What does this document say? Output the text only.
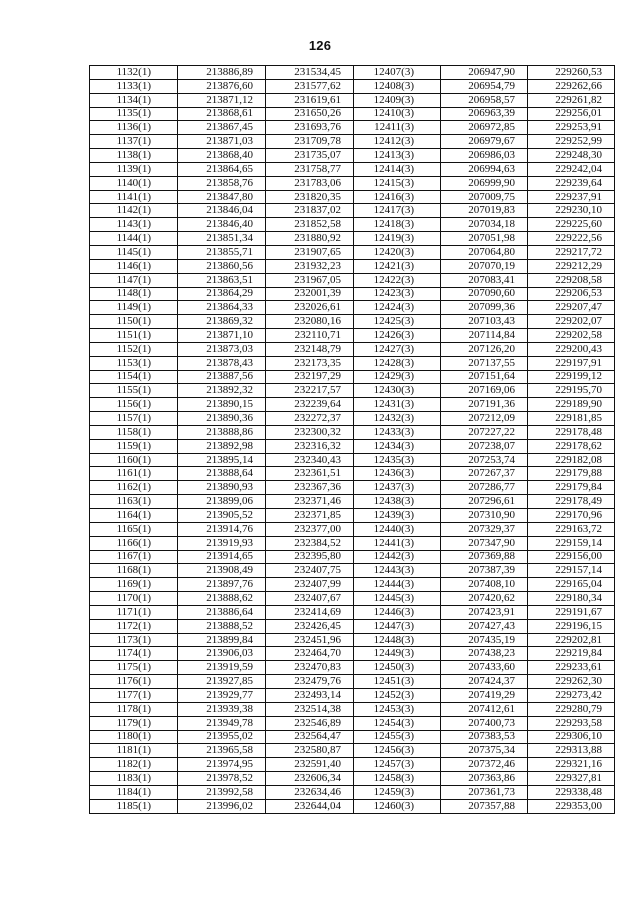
126
1132(1)	213886,89	231534,45	12407(3)	206947,90	229260,53
1133(1)	213876,60	231577,62	12408(3)	206954,79	229262,66
1134(1)	213871,12	231619,61	12409(3)	206958,57	229261,82
1135(1)	213868,61	231650,26	12410(3)	206963,39	229256,01
1136(1)	213867,45	231693,76	12411(3)	206972,85	229253,91
1137(1)	213871,03	231709,78	12412(3)	206979,67	229252,99
1138(1)	213868,40	231735,07	12413(3)	206986,03	229248,30
1139(1)	213864,65	231758,77	12414(3)	206994,63	229242,04
1140(1)	213858,76	231783,06	12415(3)	206999,90	229239,64
1141(1)	213847,80	231820,35	12416(3)	207009,75	229237,91
1142(1)	213846,04	231837,02	12417(3)	207019,83	229230,10
1143(1)	213846,40	231852,58	12418(3)	207034,18	229225,60
1144(1)	213851,34	231880,92	12419(3)	207051,98	229222,56
1145(1)	213855,71	231907,65	12420(3)	207064,80	229217,72
1146(1)	213860,56	231932,23	12421(3)	207070,19	229212,29
1147(1)	213863,51	231967,05	12422(3)	207083,41	229208,58
1148(1)	213864,29	232001,39	12423(3)	207090,60	229206,53
1149(1)	213864,33	232026,61	12424(3)	207099,36	229207,47
1150(1)	213869,32	232080,16	12425(3)	207103,43	229202,07
1151(1)	213871,10	232110,71	12426(3)	207114,84	229202,58
1152(1)	213873,03	232148,79	12427(3)	207126,20	229200,43
1153(1)	213878,43	232173,35	12428(3)	207137,55	229197,91
1154(1)	213887,56	232197,29	12429(3)	207151,64	229199,12
1155(1)	213892,32	232217,57	12430(3)	207169,06	229195,70
1156(1)	213890,15	232239,64	12431(3)	207191,36	229189,90
1157(1)	213890,36	232272,37	12432(3)	207212,09	229181,85
1158(1)	213888,86	232300,32	12433(3)	207227,22	229178,48
1159(1)	213892,98	232316,32	12434(3)	207238,07	229178,62
1160(1)	213895,14	232340,43	12435(3)	207253,74	229182,08
1161(1)	213888,64	232361,51	12436(3)	207267,37	229179,88
1162(1)	213890,93	232367,36	12437(3)	207286,77	229179,84
1163(1)	213899,06	232371,46	12438(3)	207296,61	229178,49
1164(1)	213905,52	232371,85	12439(3)	207310,90	229170,96
1165(1)	213914,76	232377,00	12440(3)	207329,37	229163,72
1166(1)	213919,93	232384,52	12441(3)	207347,90	229159,14
1167(1)	213914,65	232395,80	12442(3)	207369,88	229156,00
1168(1)	213908,49	232407,75	12443(3)	207387,39	229157,14
1169(1)	213897,76	232407,99	12444(3)	207408,10	229165,04
1170(1)	213888,62	232407,67	12445(3)	207420,62	229180,34
1171(1)	213886,64	232414,69	12446(3)	207423,91	229191,67
1172(1)	213888,52	232426,45	12447(3)	207427,43	229196,15
1173(1)	213899,84	232451,96	12448(3)	207435,19	229202,81
1174(1)	213906,03	232464,70	12449(3)	207438,23	229219,84
1175(1)	213919,59	232470,83	12450(3)	207433,60	229233,61
1176(1)	213927,85	232479,76	12451(3)	207424,37	229262,30
1177(1)	213929,77	232493,14	12452(3)	207419,29	229273,42
1178(1)	213939,38	232514,38	12453(3)	207412,61	229280,79
1179(1)	213949,78	232546,89	12454(3)	207400,73	229293,58
1180(1)	213955,02	232564,47	12455(3)	207383,53	229306,10
1181(1)	213965,58	232580,87	12456(3)	207375,34	229313,88
1182(1)	213974,95	232591,40	12457(3)	207372,46	229321,16
1183(1)	213978,52	232606,34	12458(3)	207363,86	229327,81
1184(1)	213992,58	232634,46	12459(3)	207361,73	229338,48
1185(1)	213996,02	232644,04	12460(3)	207357,88	229353,00
